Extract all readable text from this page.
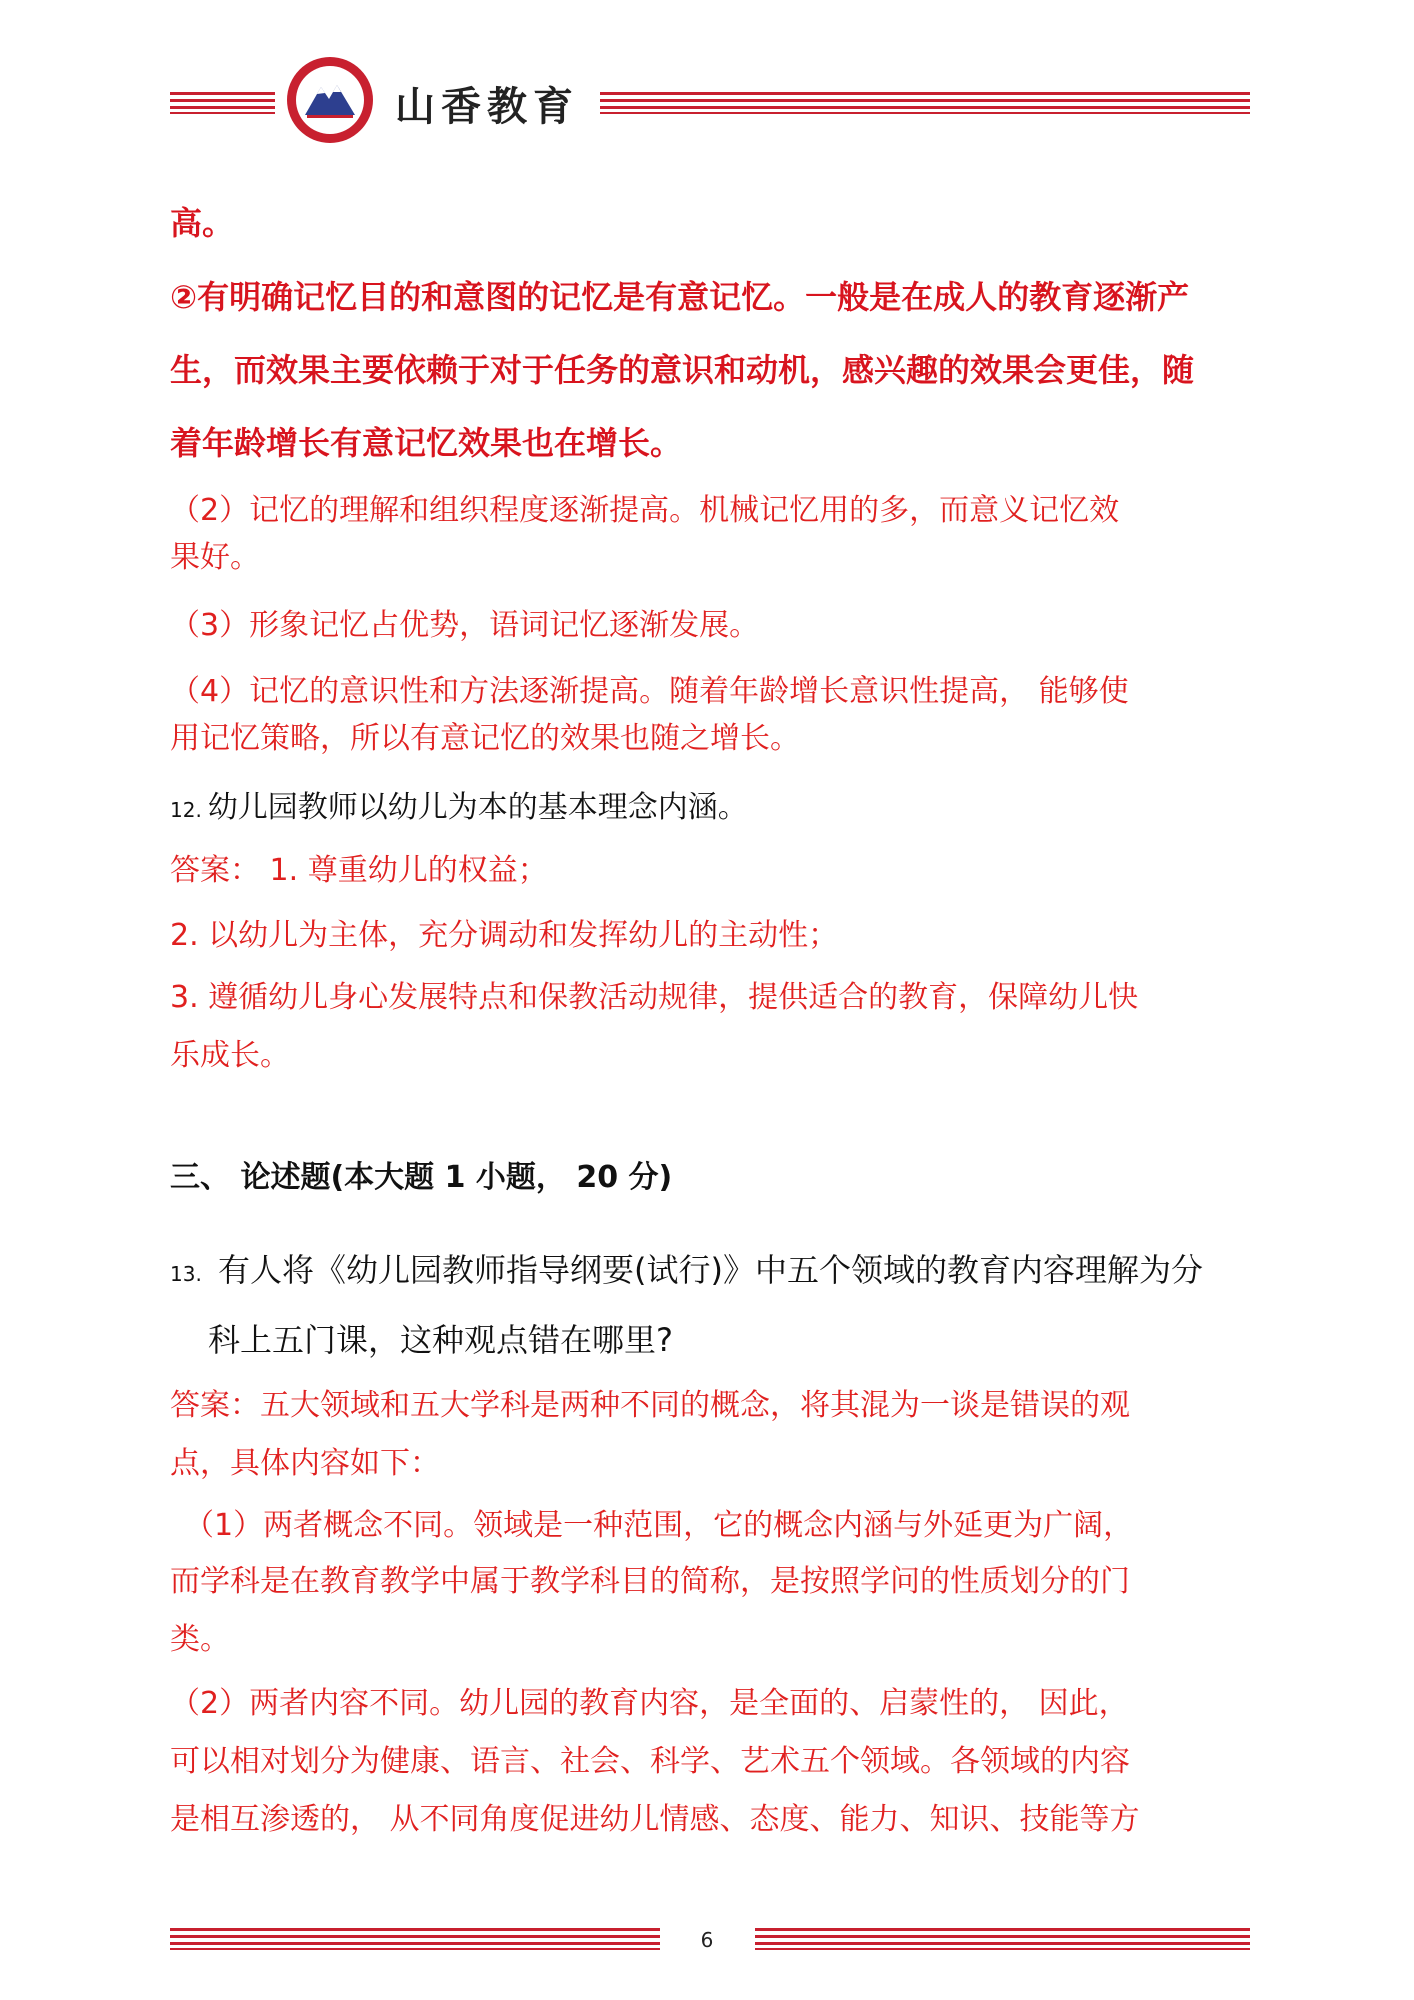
山香教育
高。
②有明确记忆目的和意图的记忆是有意记忆。一般是在成人的教育逐渐产
生，而效果主要依赖于对于任务的意识和动机，感兴趣的效果会更佳，随
着年龄增长有意记忆效果也在增长。
（2）记忆的理解和组织程度逐渐提高。机械记忆用的多，而意义记忆效
果好。
（3）形象记忆占优势，语词记忆逐渐发展。
（4）记忆的意识性和方法逐渐提高。随着年龄增长意识性提高， 能够使
用记忆策略，所以有意记忆的效果也随之增长。
12. 幼儿园教师以幼儿为本的基本理念内涵。
答案： 1. 尊重幼儿的权益；
2. 以幼儿为主体，充分调动和发挥幼儿的主动性；
3. 遵循幼儿身心发展特点和保教活动规律，提供适合的教育，保障幼儿快
乐成长。
三、 论述题(本大题 1 小题， 20 分)
13. 有人将《幼儿园教师指导纲要(试行)》中五个领域的教育内容理解为分
科上五门课，这种观点错在哪里?
答案：五大领域和五大学科是两种不同的概念，将其混为一谈是错误的观
点，具体内容如下：
（1）两者概念不同。领域是一种范围，它的概念内涵与外延更为广阔，
而学科是在教育教学中属于教学科目的简称，是按照学问的性质划分的门
类。
（2）两者内容不同。幼儿园的教育内容，是全面的、启蒙性的， 因此，
可以相对划分为健康、语言、社会、科学、艺术五个领域。各领域的内容
是相互渗透的， 从不同角度促进幼儿情感、态度、能力、知识、技能等方
6
